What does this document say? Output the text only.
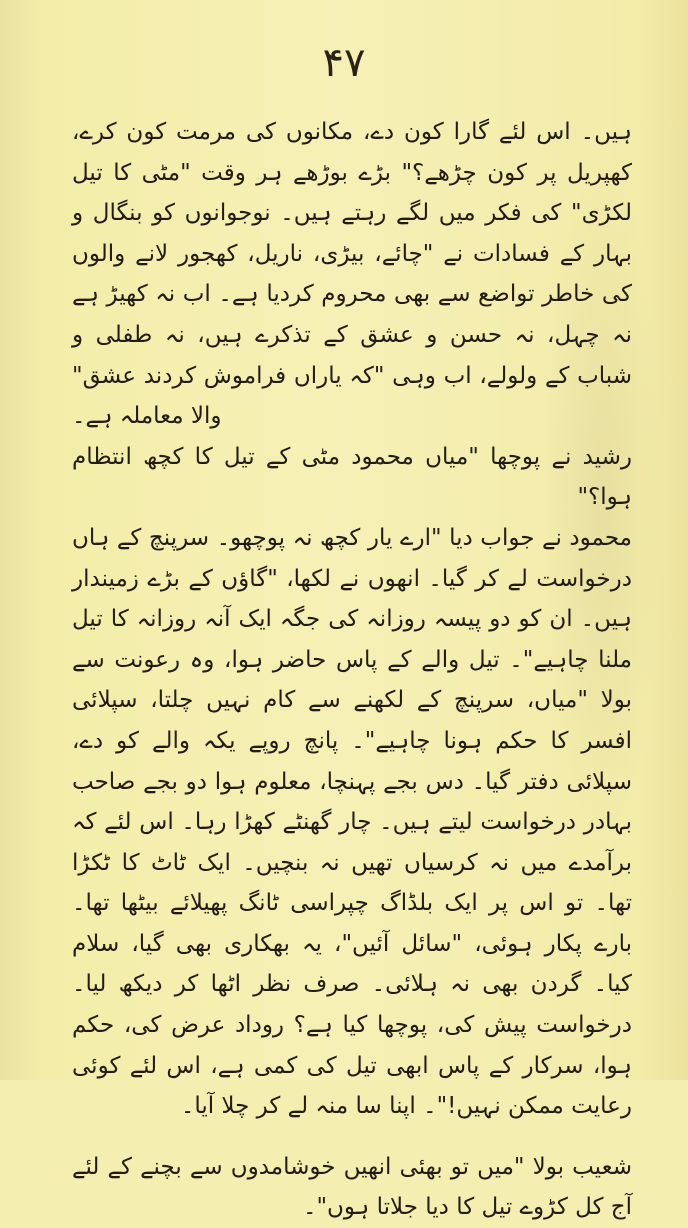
۴۷

ہیں۔ اس لئے گارا کون دے، مکانوں کی مرمت کون کرے، کھپریل پر کون چڑھے؟" بڑے بوڑھے ہر وقت "مٹی کا تیل لکڑی" کی فکر میں لگے رہتے ہیں۔ نوجوانوں کو بنگال و بہار کے فسادات نے "چائے، بیڑی، ناریل، کھجور لانے والوں کی خاطر تواضع سے بھی محروم کردیا ہے۔ اب نہ کھیڑ ہے نہ چہل، نہ حسن و عشق کے تذکرے ہیں، نہ طفلی و شباب کے ولولے، اب وہی "کہ یاراں فراموش کردند عشق" والا معاملہ ہے۔

رشید نے پوچھا "میاں محمود مٹی کے تیل کا کچھ انتظام ہوا؟"

محمود نے جواب دیا "ارے یار کچھ نہ پوچھو۔ سرپنچ کے ہاں درخواست لے کر گیا۔ انھوں نے لکھا، "گاؤں کے بڑے زمیندار ہیں۔ ان کو دو پیسہ روزانہ کی جگہ ایک آنہ روزانہ کا تیل ملنا چاہیے"۔ تیل والے کے پاس حاضر ہوا، وہ رعونت سے بولا "میاں، سرپنچ کے لکھنے سے کام نہیں چلتا، سپلائی افسر کا حکم ہونا چاہیے"۔ پانچ روپے یکہ والے کو دے، سپلائی دفتر گیا۔ دس بجے پہنچا، معلوم ہوا دو بجے صاحب بہادر درخواست لیتے ہیں۔ چار گھنٹے کھڑا رہا۔ اس لئے کہ برآمدے میں نہ کرسیاں تھیں نہ بنچیں۔ ایک ٹاٹ کا ٹکڑا تھا۔ تو اس پر ایک بلڈاگ چپراسی ٹانگ پھیلائے بیٹھا تھا۔ بارے پکار ہوئی، "سائل آئیں"، یہ بھکاری بھی گیا، سلام کیا۔ گردن بھی نہ ہلائی۔ صرف نظر اٹھا کر دیکھ لیا۔ درخواست پیش کی، پوچھا کیا ہے؟ روداد عرض کی، حکم ہوا، سرکار کے پاس ابھی تیل کی کمی ہے، اس لئے کوئی رعایت ممکن نہیں!"۔ اپنا سا منہ لے کر چلا آیا۔

شعیب بولا "میں تو بھئی انھیں خوشامدوں سے بچنے کے لئے آج کل کڑوے تیل کا دیا جلاتا ہوں"۔
